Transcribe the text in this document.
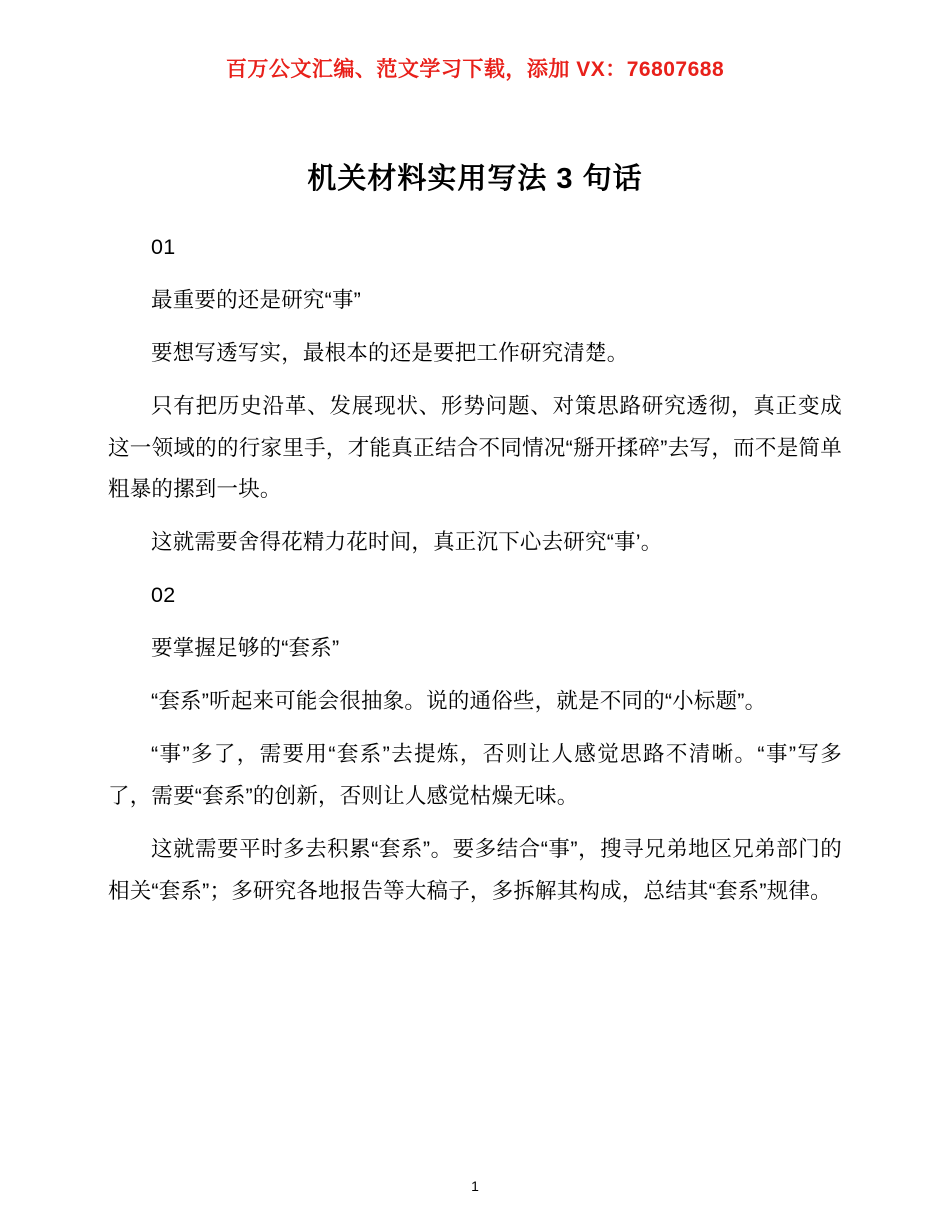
百万公文汇编、范文学习下载，添加 VX：76807688
机关材料实用写法 3 句话

01

最重要的还是研究“事”

要想写透写实，最根本的还是要把工作研究清楚。

只有把历史沿革、发展现状、形势问题、对策思路研究透彻，真正变成这一领域的的行家里手，才能真正结合不同情况“掰开揉碎”去写，而不是简单粗暴的摞到一块。

这就需要舍得花精力花时间，真正沉下心去研究“事’。

02

要掌握足够的“套系”

“套系”听起来可能会很抽象。说的通俗些，就是不同的“小标题”。

“事”多了，需要用“套系”去提炼，否则让人感觉思路不清晰。“事”写多了，需要“套系”的创新，否则让人感觉枯燥无味。

这就需要平时多去积累“套系”。要多结合“事”，搜寻兄弟地区兄弟部门的相关“套系”；多研究各地报告等大稿子，多拆解其构成，总结其“套系”规律。

1
